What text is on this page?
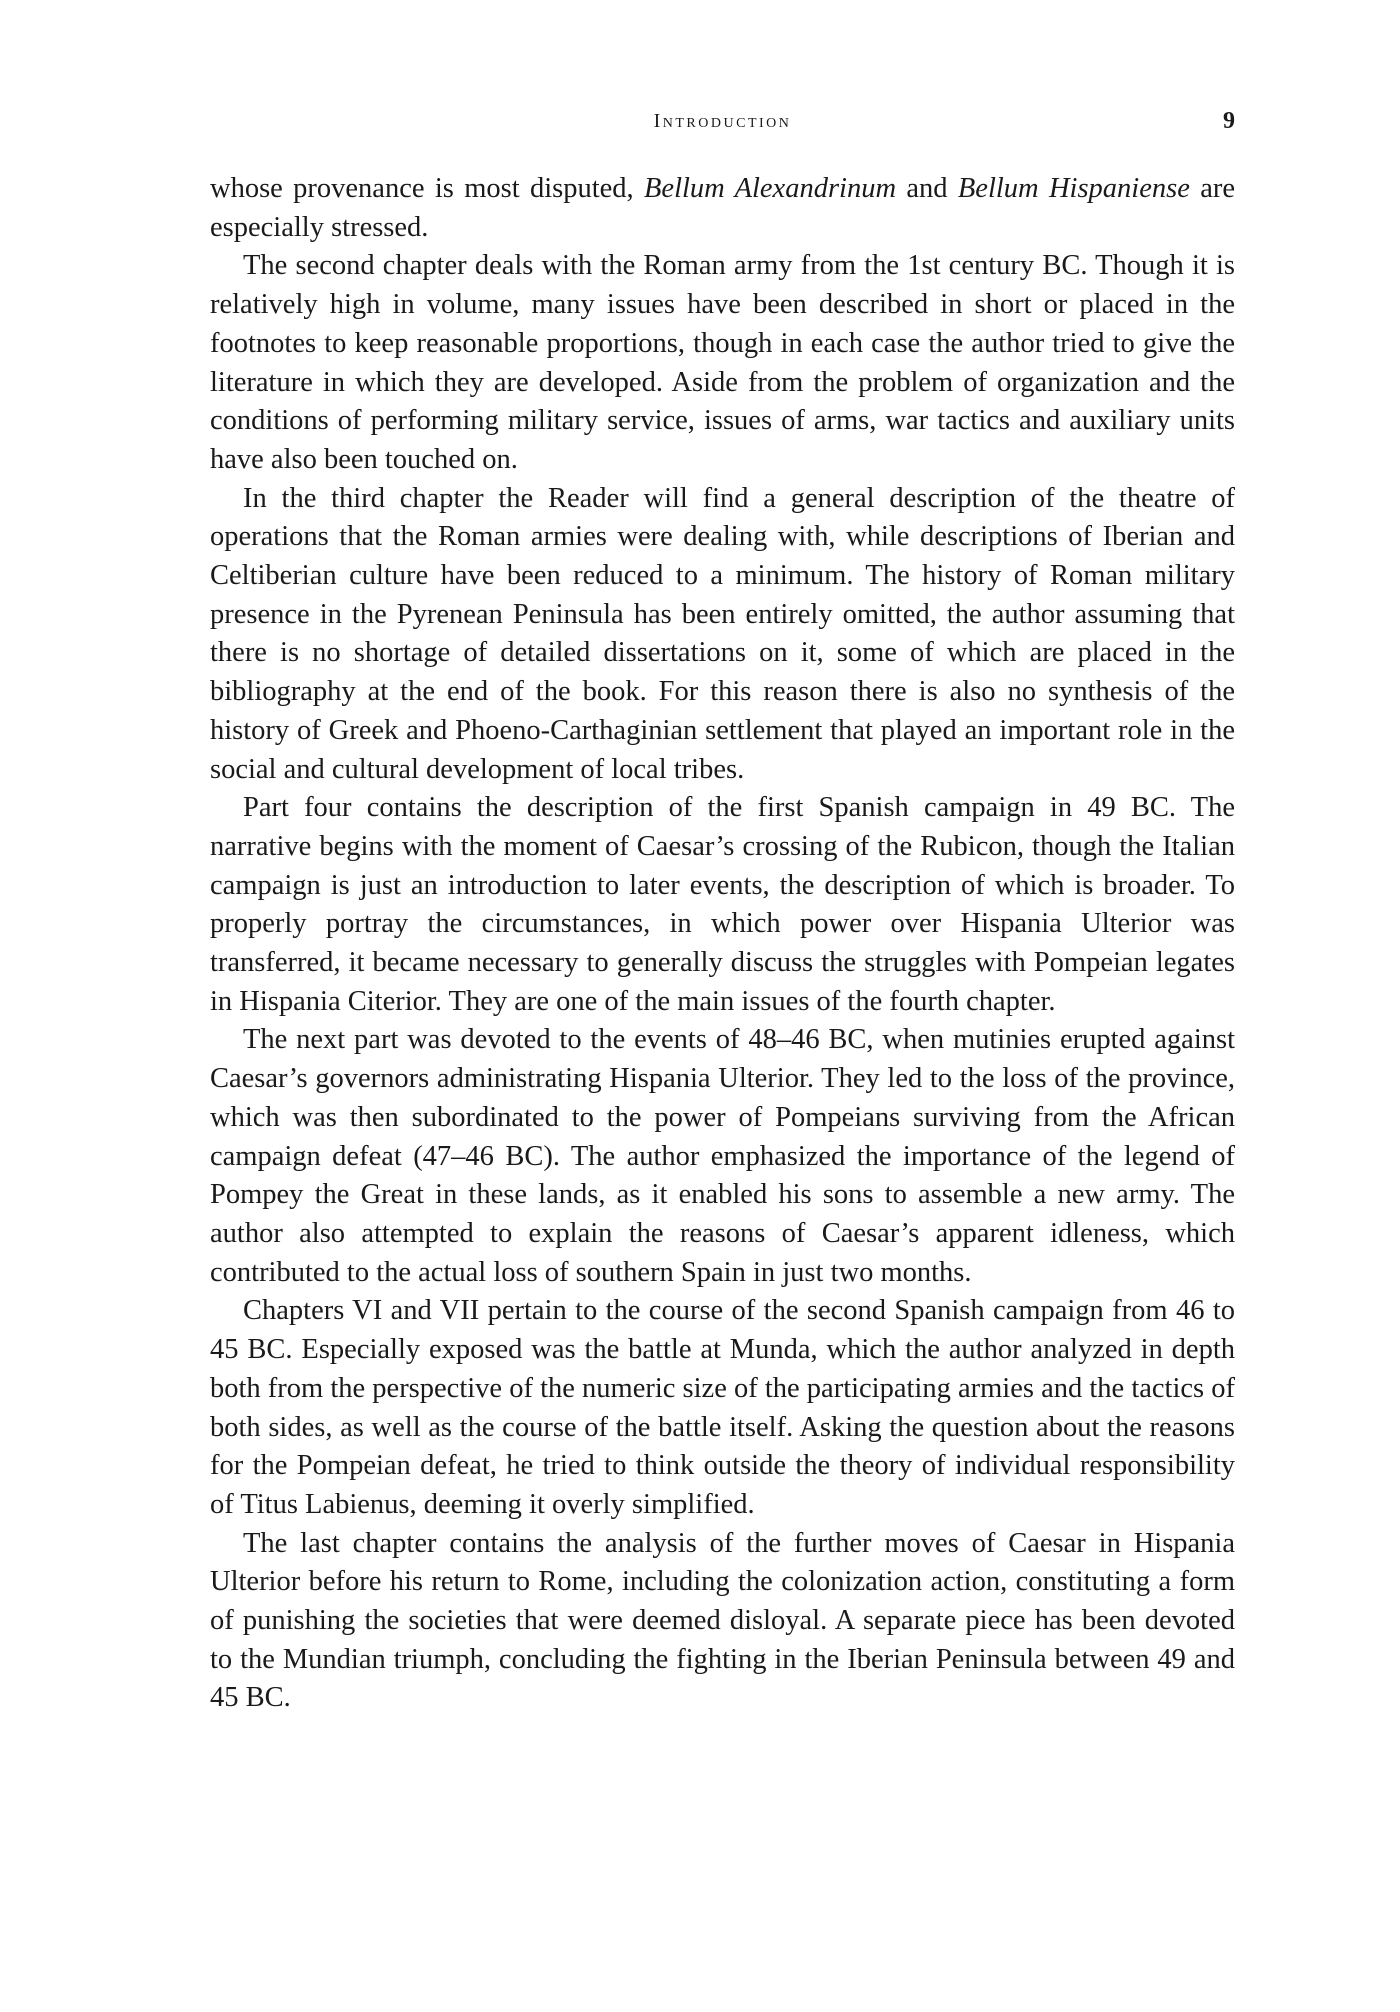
Introduction	9

whose provenance is most disputed, Bellum Alexandrinum and Bellum Hispaniense are especially stressed.

The second chapter deals with the Roman army from the 1st century BC. Though it is relatively high in volume, many issues have been described in short or placed in the footnotes to keep reasonable proportions, though in each case the author tried to give the literature in which they are developed. Aside from the problem of organization and the conditions of performing military service, issues of arms, war tactics and auxiliary units have also been touched on.

In the third chapter the Reader will find a general description of the theatre of operations that the Roman armies were dealing with, while descriptions of Iberian and Celtiberian culture have been reduced to a minimum. The history of Roman military presence in the Pyrenean Peninsula has been entirely omitted, the author assuming that there is no shortage of detailed dissertations on it, some of which are placed in the bibliography at the end of the book. For this reason there is also no synthesis of the history of Greek and Phoeno-Carthaginian settlement that played an important role in the social and cultural development of local tribes.

Part four contains the description of the first Spanish campaign in 49 BC. The narrative begins with the moment of Caesar’s crossing of the Rubicon, though the Italian campaign is just an introduction to later events, the description of which is broader. To properly portray the circumstances, in which power over Hispania Ulterior was transferred, it became necessary to generally discuss the struggles with Pompeian legates in Hispania Citerior. They are one of the main issues of the fourth chapter.

The next part was devoted to the events of 48–46 BC, when mutinies erupted against Caesar’s governors administrating Hispania Ulterior. They led to the loss of the province, which was then subordinated to the power of Pompeians surviving from the African campaign defeat (47–46 BC). The author emphasized the importance of the legend of Pompey the Great in these lands, as it enabled his sons to assemble a new army. The author also attempted to explain the reasons of Caesar’s apparent idleness, which contributed to the actual loss of southern Spain in just two months.

Chapters VI and VII pertain to the course of the second Spanish campaign from 46 to 45 BC. Especially exposed was the battle at Munda, which the author analyzed in depth both from the perspective of the numeric size of the participating armies and the tactics of both sides, as well as the course of the battle itself. Asking the question about the reasons for the Pompeian defeat, he tried to think outside the theory of individual responsibility of Titus Labienus, deeming it overly simplified.

The last chapter contains the analysis of the further moves of Caesar in Hispania Ulterior before his return to Rome, including the colonization action, constituting a form of punishing the societies that were deemed disloyal. A separate piece has been devoted to the Mundian triumph, concluding the fighting in the Iberian Peninsula between 49 and 45 BC.
